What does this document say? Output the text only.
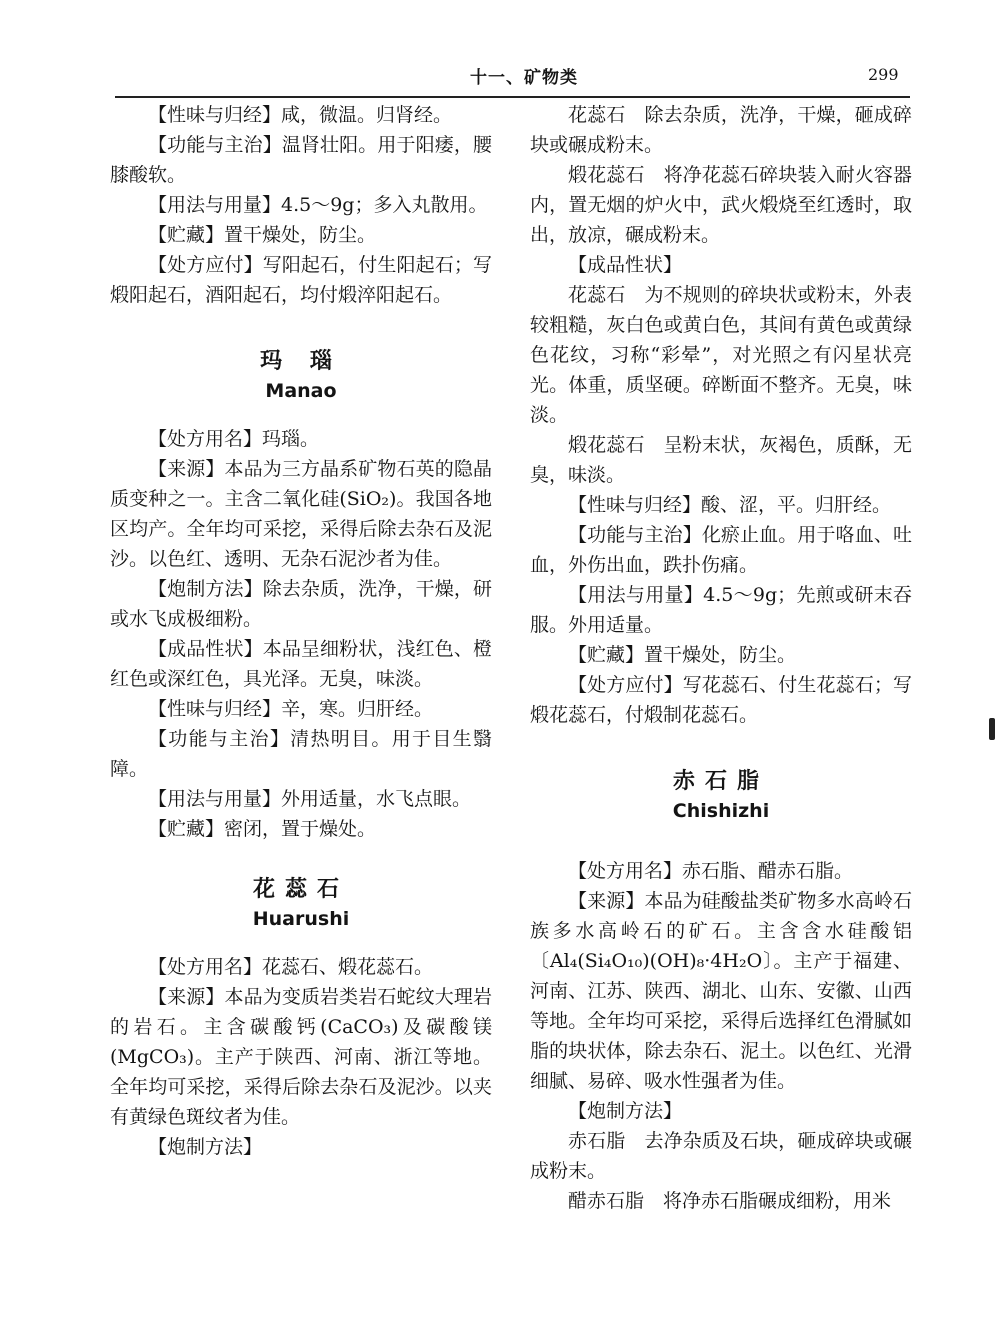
十一、矿物类	299

【性味与归经】咸，微温。归肾经。

【功能与主治】温肾壮阳。用于阳痿，腰膝酸软。

【用法与用量】4.5～9g；多入丸散用。

【贮藏】置干燥处，防尘。

【处方应付】写阳起石，付生阳起石；写煅阳起石，酒阳起石，均付煅淬阳起石。

玛 瑙
Manao

【处方用名】玛瑙。

【来源】本品为三方晶系矿物石英的隐晶质变种之一。主含二氧化硅(SiO₂)。我国各地区均产。全年均可采挖，采得后除去杂石及泥沙。以色红、透明、无杂石泥沙者为佳。

【炮制方法】除去杂质，洗净，干燥，研或水飞成极细粉。

【成品性状】本品呈细粉状，浅红色、橙红色或深红色，具光泽。无臭，味淡。

【性味与归经】辛，寒。归肝经。

【功能与主治】清热明目。用于目生翳障。

【用法与用量】外用适量，水飞点眼。

【贮藏】密闭，置于燥处。

花蕊石
Huarushi

【处方用名】花蕊石、煅花蕊石。

【来源】本品为变质岩类岩石蛇纹大理岩的岩石。主含碳酸钙(CaCO₃)及碳酸镁(MgCO₃)。主产于陕西、河南、浙江等地。全年均可采挖，采得后除去杂石及泥沙。以夹有黄绿色斑纹者为佳。

【炮制方法】

花蕊石　除去杂质，洗净，干燥，砸成碎块或碾成粉末。

煅花蕊石　将净花蕊石碎块装入耐火容器内，置无烟的炉火中，武火煅烧至红透时，取出，放凉，碾成粉末。

【成品性状】

花蕊石　为不规则的碎块状或粉末，外表较粗糙，灰白色或黄白色，其间有黄色或黄绿色花纹，习称“彩晕”，对光照之有闪星状亮光。体重，质坚硬。碎断面不整齐。无臭，味淡。

煅花蕊石　呈粉末状，灰褐色，质酥，无臭，味淡。

【性味与归经】酸、涩，平。归肝经。

【功能与主治】化瘀止血。用于咯血、吐血，外伤出血，跌扑伤痛。

【用法与用量】4.5～9g；先煎或研末吞服。外用适量。

【贮藏】置干燥处，防尘。

【处方应付】写花蕊石、付生花蕊石；写煅花蕊石，付煅制花蕊石。

赤石脂
Chishizhi

【处方用名】赤石脂、醋赤石脂。

【来源】本品为硅酸盐类矿物多水高岭石族多水高岭石的矿石。主含含水硅酸铝〔Al₄(Si₄O₁₀)(OH)₈·4H₂O〕。主产于福建、河南、江苏、陕西、湖北、山东、安徽、山西等地。全年均可采挖，采得后选择红色滑腻如脂的块状体，除去杂石、泥土。以色红、光滑细腻、易碎、吸水性强者为佳。

【炮制方法】

赤石脂　去净杂质及石块，砸成碎块或碾成粉末。

醋赤石脂　将净赤石脂碾成细粉，用米
